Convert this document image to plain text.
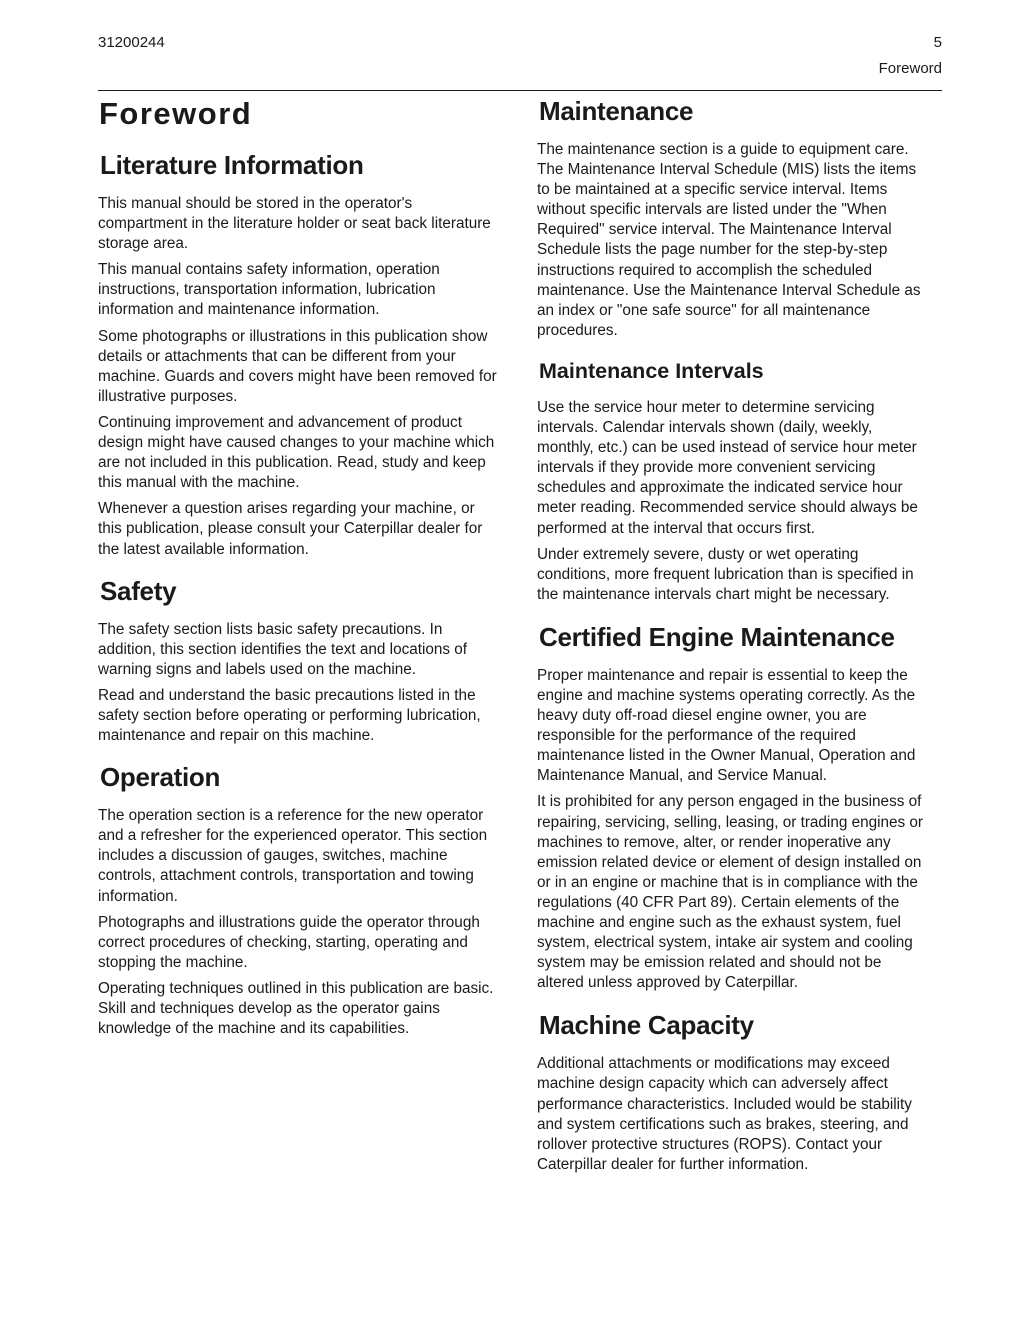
31200244	5
Foreword
Foreword
Literature Information

This manual should be stored in the operator's compartment in the literature holder or seat back literature storage area.

This manual contains safety information, operation instructions, transportation information, lubrication information and maintenance information.

Some photographs or illustrations in this publication show details or attachments that can be different from your machine. Guards and covers might have been removed for illustrative purposes.

Continuing improvement and advancement of product design might have caused changes to your machine which are not included in this publication. Read, study and keep this manual with the machine.

Whenever a question arises regarding your machine, or this publication, please consult your Caterpillar dealer for the latest available information.

Safety

The safety section lists basic safety precautions. In addition, this section identifies the text and locations of warning signs and labels used on the machine.

Read and understand the basic precautions listed in the safety section before operating or performing lubrication, maintenance and repair on this machine.

Operation

The operation section is a reference for the new operator and a refresher for the experienced operator. This section includes a discussion of gauges, switches, machine controls, attachment controls, transportation and towing information.

Photographs and illustrations guide the operator through correct procedures of checking, starting, operating and stopping the machine.

Operating techniques outlined in this publication are basic. Skill and techniques develop as the operator gains knowledge of the machine and its capabilities.

Maintenance

The maintenance section is a guide to equipment care. The Maintenance Interval Schedule (MIS) lists the items to be maintained at a specific service interval. Items without specific intervals are listed under the "When Required" service interval. The Maintenance Interval Schedule lists the page number for the step-by-step instructions required to accomplish the scheduled maintenance. Use the Maintenance Interval Schedule as an index or "one safe source" for all maintenance procedures.

Maintenance Intervals

Use the service hour meter to determine servicing intervals. Calendar intervals shown (daily, weekly, monthly, etc.) can be used instead of service hour meter intervals if they provide more convenient servicing schedules and approximate the indicated service hour meter reading. Recommended service should always be performed at the interval that occurs first.

Under extremely severe, dusty or wet operating conditions, more frequent lubrication than is specified in the maintenance intervals chart might be necessary.

Certified Engine Maintenance

Proper maintenance and repair is essential to keep the engine and machine systems operating correctly. As the heavy duty off-road diesel engine owner, you are responsible for the performance of the required maintenance listed in the Owner Manual, Operation and Maintenance Manual, and Service Manual.

It is prohibited for any person engaged in the business of repairing, servicing, selling, leasing, or trading engines or machines to remove, alter, or render inoperative any emission related device or element of design installed on or in an engine or machine that is in compliance with the regulations (40 CFR Part 89). Certain elements of the machine and engine such as the exhaust system, fuel system, electrical system, intake air system and cooling system may be emission related and should not be altered unless approved by Caterpillar.

Machine Capacity

Additional attachments or modifications may exceed machine design capacity which can adversely affect performance characteristics. Included would be stability and system certifications such as brakes, steering, and rollover protective structures (ROPS). Contact your Caterpillar dealer for further information.
